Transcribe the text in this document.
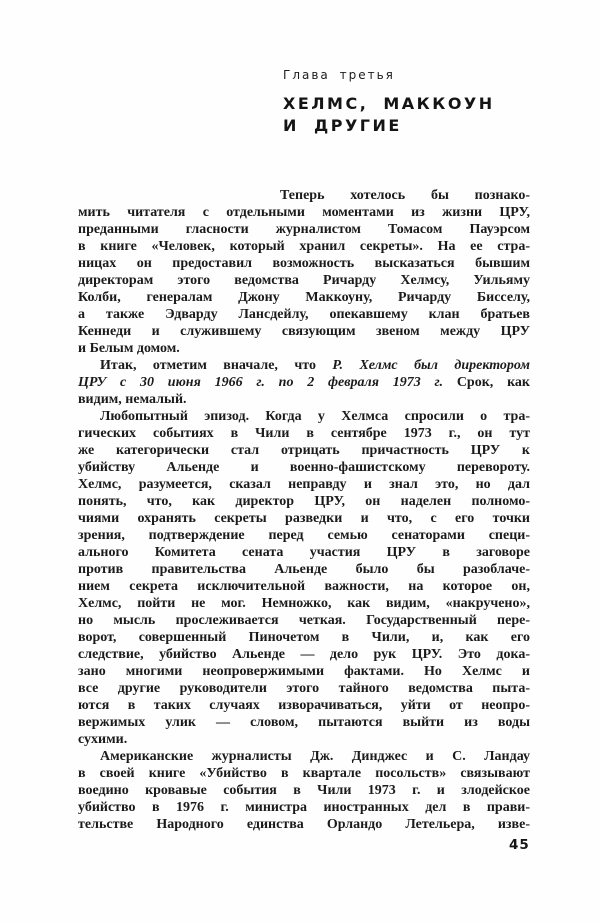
Глава третья
ХЕЛМС, МАККОУН
И ДРУГИЕ
Теперь хотелось бы познако-
мить читателя с отдельными моментами из жизни ЦРУ,
преданными гласности журналистом Томасом Пауэрсом
в книге «Человек, который хранил секреты». На ее стра-
ницах он предоставил возможность высказаться бывшим
директорам этого ведомства Ричарду Хелмсу, Уильяму
Колби, генералам Джону Маккоуну, Ричарду Бисселу,
а также Эдварду Лансдейлу, опекавшему клан братьев
Кеннеди и служившему связующим звеном между ЦРУ
и Белым домом.
Итак, отметим вначале, что Р. Хелмс был директором
ЦРУ с 30 июня 1966 г. по 2 февраля 1973 г. Срок, как
видим, немалый.
Любопытный эпизод. Когда у Хелмса спросили о тра-
гических событиях в Чили в сентябре 1973 г., он тут
же категорически стал отрицать причастность ЦРУ к
убийству Альенде и военно-фашистскому перевороту.
Хелмс, разумеется, сказал неправду и знал это, но дал
понять, что, как директор ЦРУ, он наделен полномо-
чиями охранять секреты разведки и что, с его точки
зрения, подтверждение перед семью сенаторами специ-
ального Комитета сената участия ЦРУ в заговоре
против правительства Альенде было бы разоблаче-
нием секрета исключительной важности, на которое он,
Хелмс, пойти не мог. Немножко, как видим, «накручено»,
но мысль прослеживается четкая. Государственный пере-
ворот, совершенный Пиночетом в Чили, и, как его
следствие, убийство Альенде — дело рук ЦРУ. Это дока-
зано многими неопровержимыми фактами. Но Хелмс и
все другие руководители этого тайного ведомства пыта-
ются в таких случаях изворачиваться, уйти от неопро-
вержимых улик — словом, пытаются выйти из воды
сухими.
Американские журналисты Дж. Динджес и С. Ландау
в своей книге «Убийство в квартале посольств» связывают
воедино кровавые события в Чили 1973 г. и злодейское
убийство в 1976 г. министра иностранных дел в прави-
тельстве Народного единства Орландо Летельера, изве-
45
